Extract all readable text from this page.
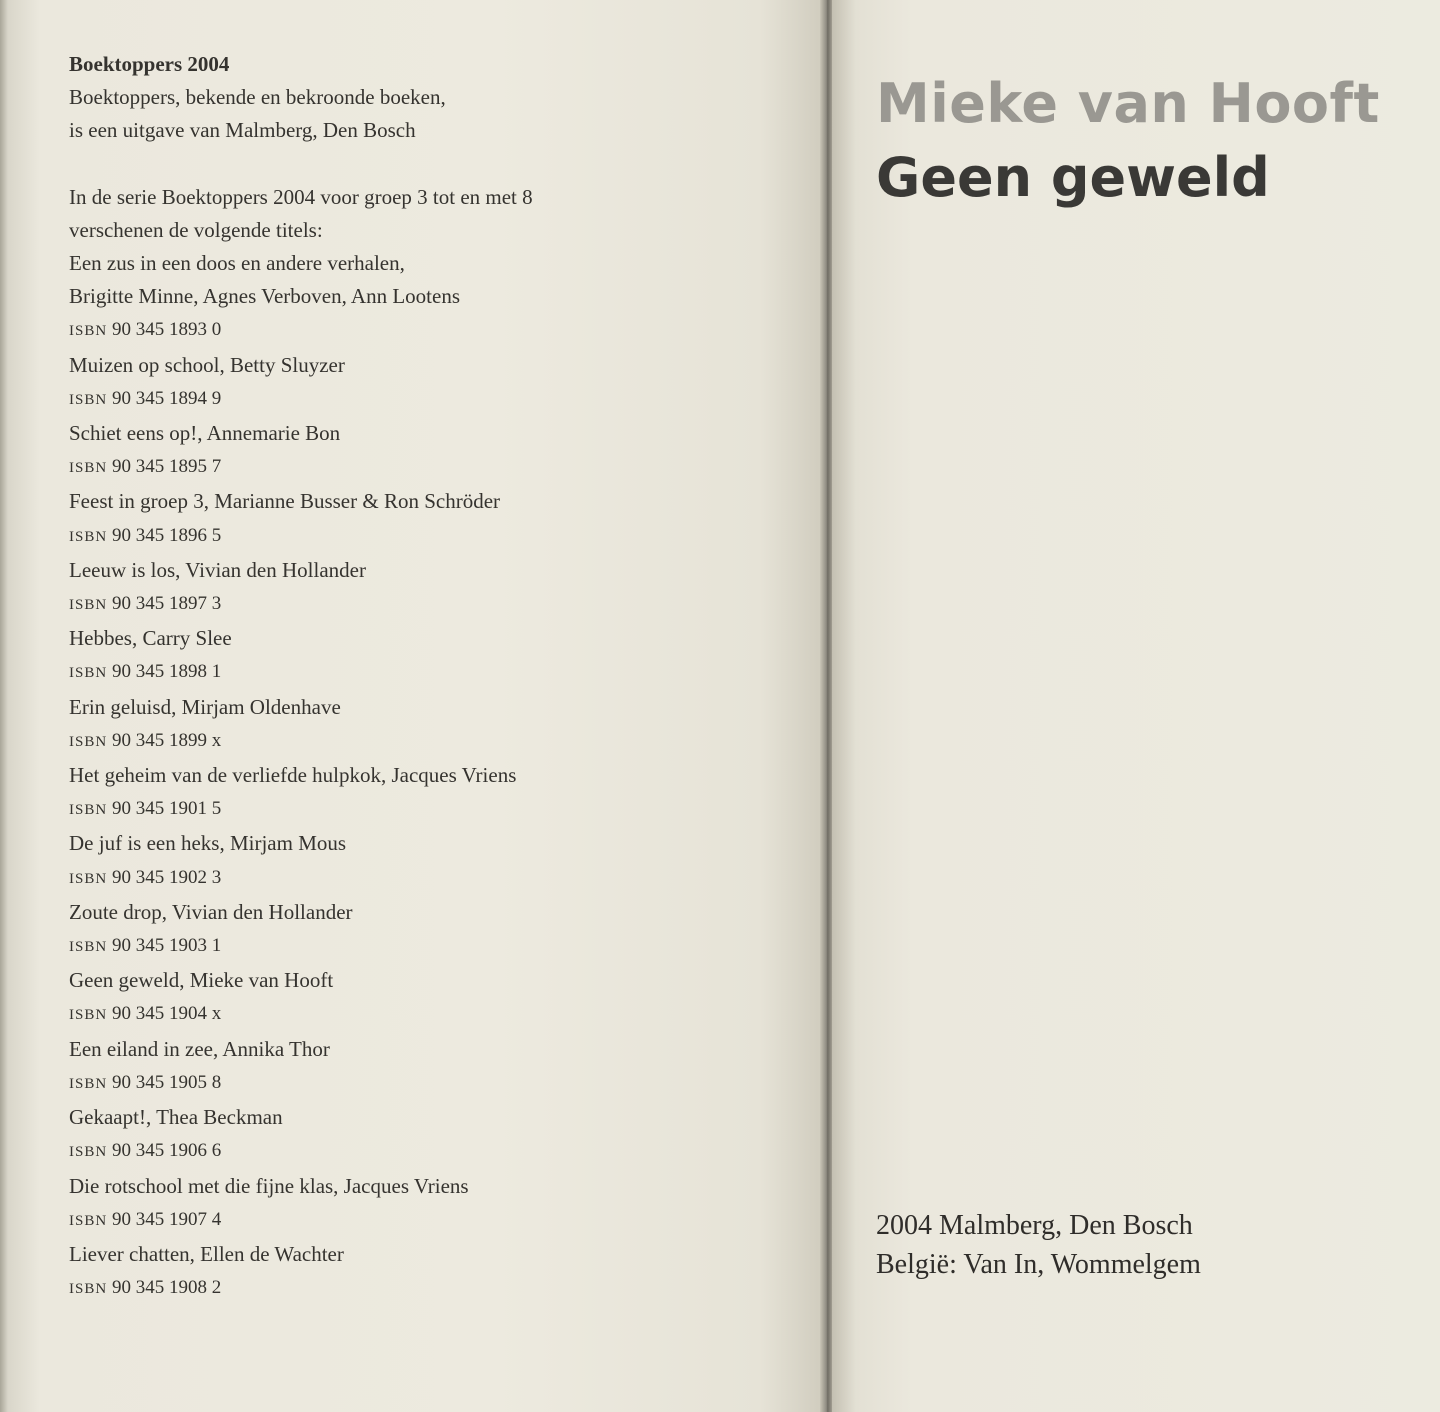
Boektoppers 2004

Boektoppers, bekende en bekroonde boeken,

is een uitgave van Malmberg, Den Bosch

In de serie Boektoppers 2004 voor groep 3 tot en met 8

verschenen de volgende titels:

Een zus in een doos en andere verhalen,

Brigitte Minne, Agnes Verboven, Ann Lootens

ISBN 90 345 1893 0

Muizen op school, Betty Sluyzer

ISBN 90 345 1894 9

Schiet eens op!, Annemarie Bon

ISBN 90 345 1895 7

Feest in groep 3, Marianne Busser & Ron Schröder

ISBN 90 345 1896 5

Leeuw is los, Vivian den Hollander

ISBN 90 345 1897 3

Hebbes, Carry Slee

ISBN 90 345 1898 1

Erin geluisd, Mirjam Oldenhave

ISBN 90 345 1899 x

Het geheim van de verliefde hulpkok, Jacques Vriens

ISBN 90 345 1901 5

De juf is een heks, Mirjam Mous

ISBN 90 345 1902 3

Zoute drop, Vivian den Hollander

ISBN 90 345 1903 1

Geen geweld, Mieke van Hooft

ISBN 90 345 1904 x

Een eiland in zee, Annika Thor

ISBN 90 345 1905 8

Gekaapt!, Thea Beckman

ISBN 90 345 1906 6

Die rotschool met die fijne klas, Jacques Vriens

ISBN 90 345 1907 4

Liever chatten, Ellen de Wachter

ISBN 90 345 1908 2

Mieke van Hooft
Geen geweld

2004 Malmberg, Den Bosch

België: Van In, Wommelgem
